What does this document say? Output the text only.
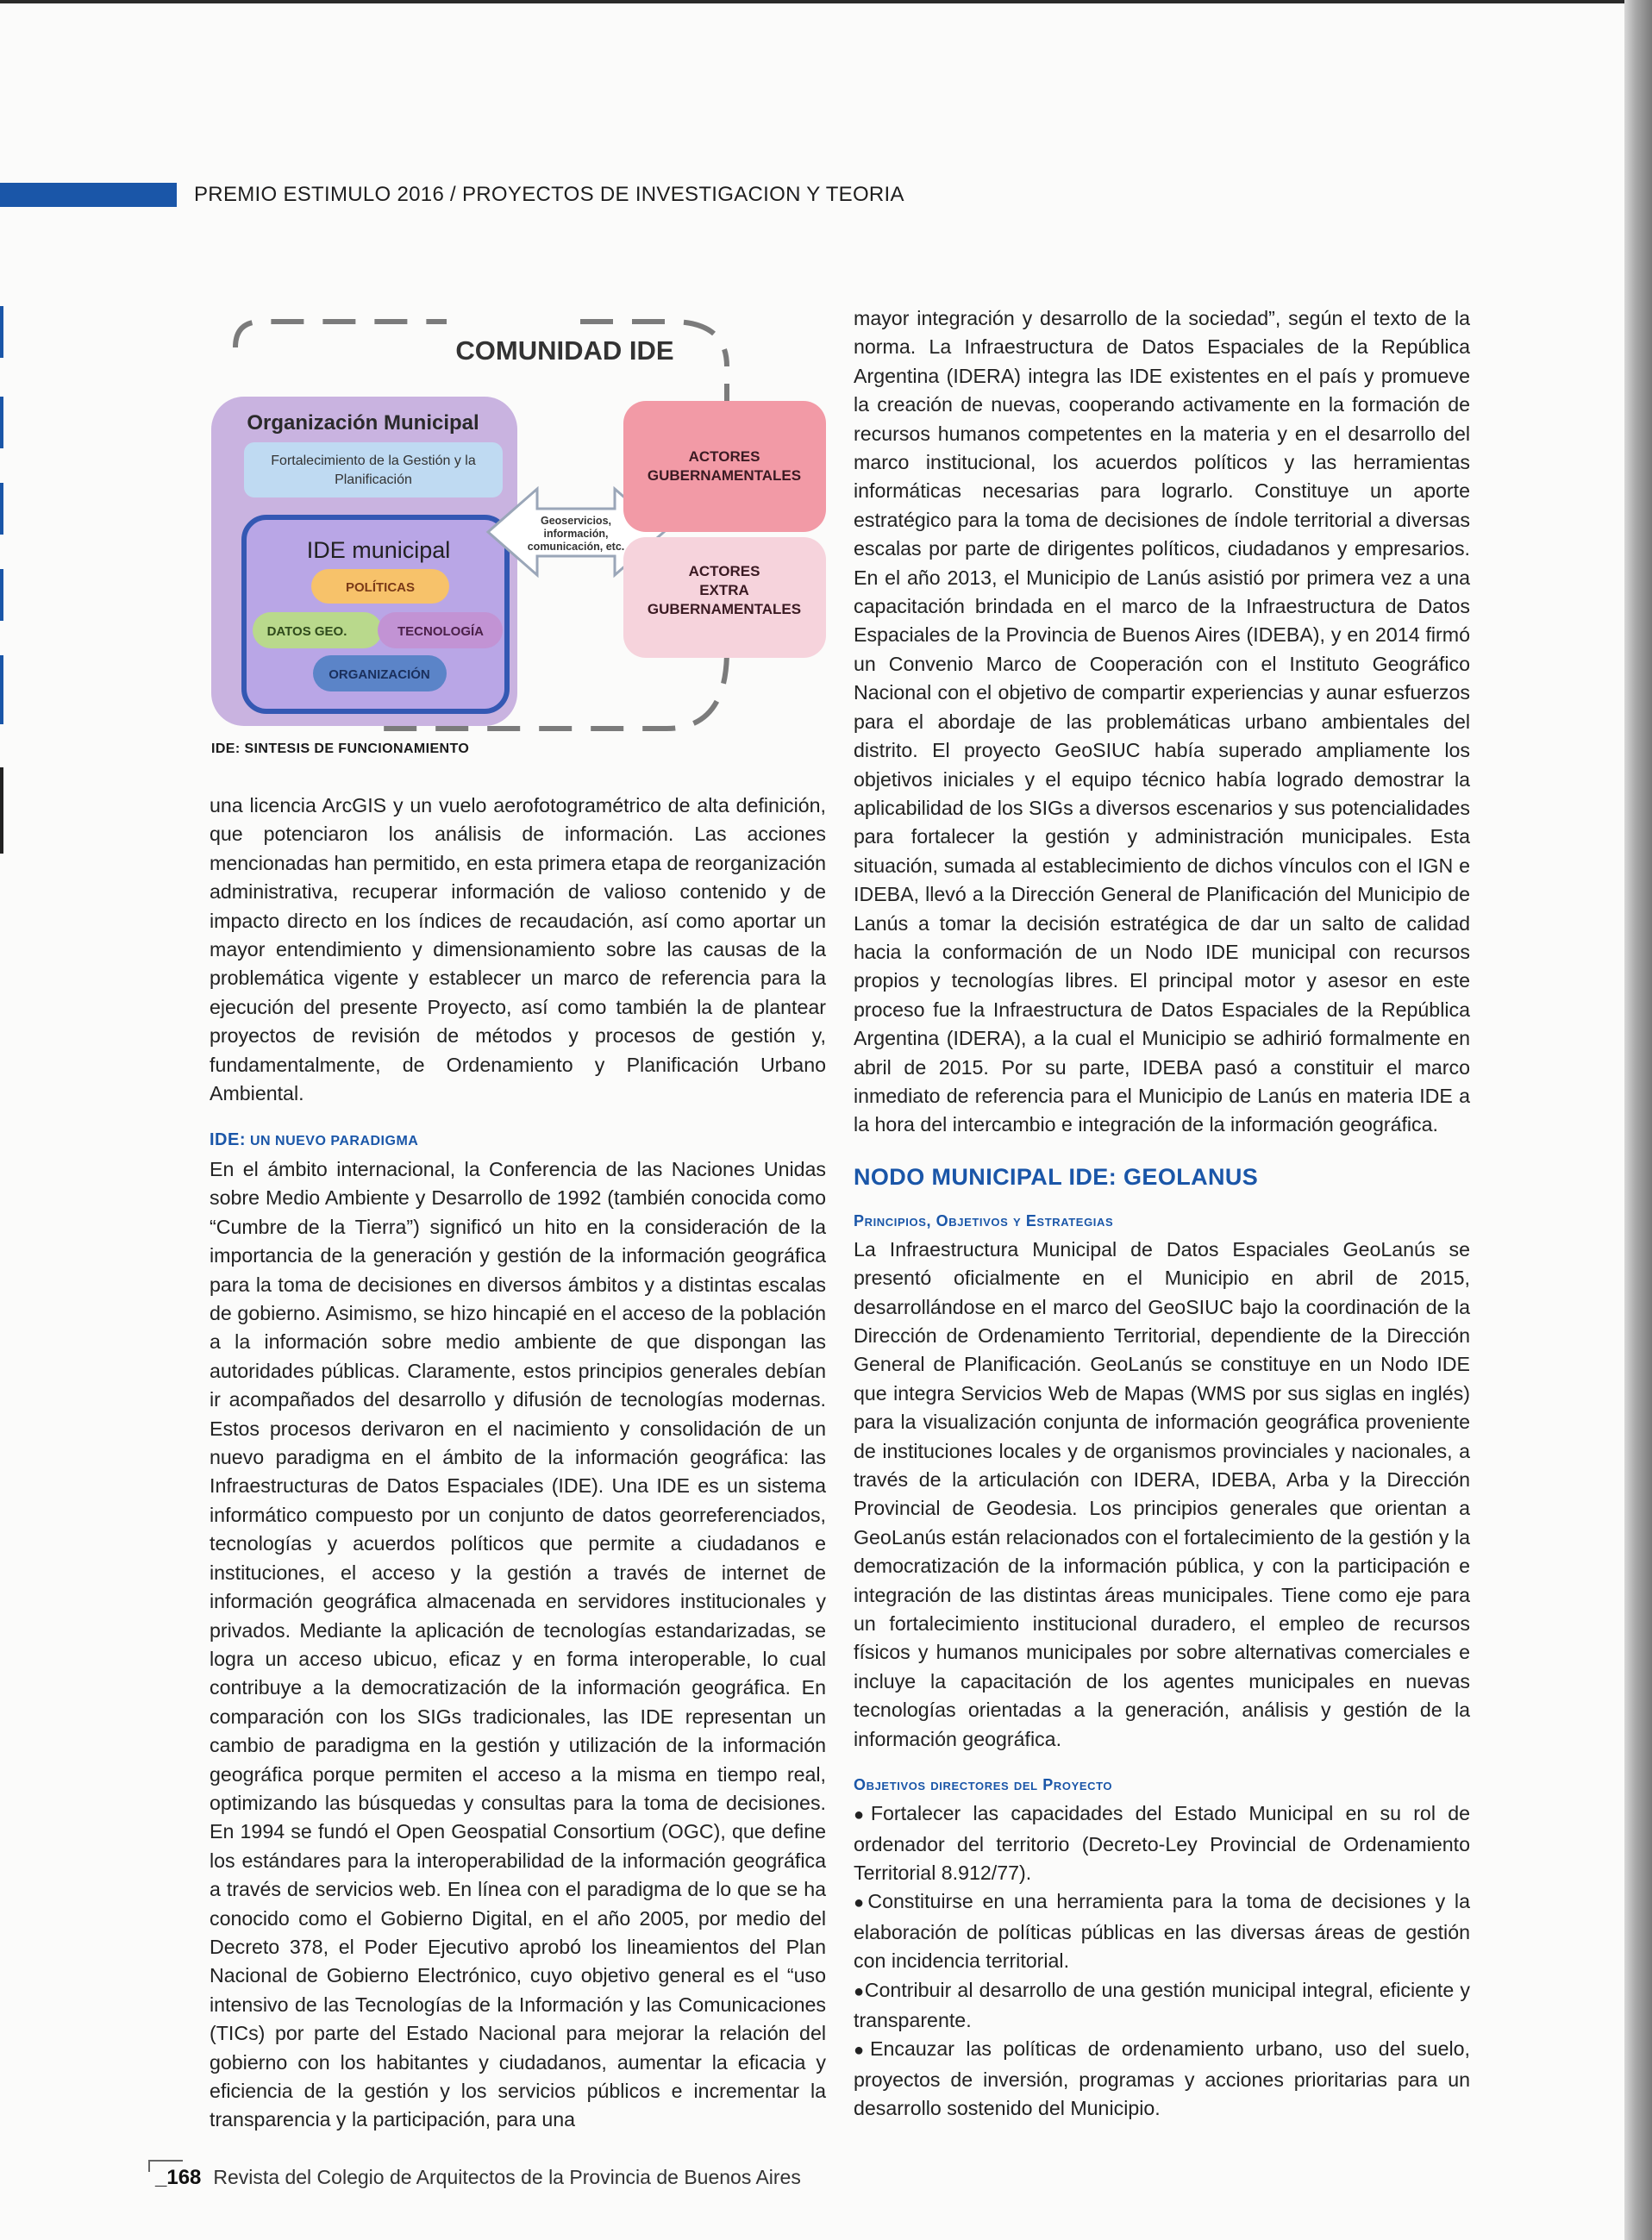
PREMIO ESTIMULO 2016 / PROYECTOS DE INVESTIGACION Y TEORIA
COMUNIDAD IDE
Organización Municipal
Fortalecimiento de la Gestión y la
Planificación
IDE municipal
POLÍTICAS
DATOS GEO.	TECNOLOGÍA
ORGANIZACIÓN
Geoservicios,
información,
comunicación, etc.
ACTORES
GUBERNAMENTALES
ACTORES
EXTRA
GUBERNAMENTALES
IDE: SINTESIS DE FUNCIONAMIENTO

una licencia ArcGIS y un vuelo aerofotogramétrico de alta definición, que potenciaron los análisis de información. Las acciones mencionadas han permitido, en esta primera etapa de reorganización administrativa, recuperar información de valioso contenido y de impacto directo en los índices de recaudación, así como aportar un mayor entendimiento y dimensionamiento sobre las causas de la problemática vigente y establecer un marco de referencia para la ejecución del presente Proyecto, así como también la de plantear proyectos de revisión de métodos y procesos de gestión y, fundamentalmente, de Ordenamiento y Planificación Urbano Ambiental.

IDE: UN NUEVO PARADIGMA

En el ámbito internacional, la Conferencia de las Naciones Unidas sobre Medio Ambiente y Desarrollo de 1992 (también conocida como “Cumbre de la Tierra”) significó un hito en la consideración de la importancia de la generación y gestión de la información geográfica para la toma de decisiones en diversos ámbitos y a distintas escalas de gobierno. Asimismo, se hizo hincapié en el acceso de la población a la información sobre medio ambiente de que dispongan las autoridades públicas. Claramente, estos principios generales debían ir acompañados del desarrollo y difusión de tecnologías modernas. Estos procesos derivaron en el nacimiento y consolidación de un nuevo paradigma en el ámbito de la información geográfica: las Infraestructuras de Datos Espaciales (IDE). Una IDE es un sistema informático compuesto por un conjunto de datos georreferenciados, tecnologías y acuerdos políticos que permite a ciudadanos e instituciones, el acceso y la gestión a través de internet de información geográfica almacenada en servidores institucionales y privados. Mediante la aplicación de tecnologías estandarizadas, se logra un acceso ubicuo, eficaz y en forma interoperable, lo cual contribuye a la democratización de la información geográfica. En comparación con los SIGs tradicionales, las IDE representan un cambio de paradigma en la gestión y utilización de la información geográfica porque permiten el acceso a la misma en tiempo real, optimizando las búsquedas y consultas para la toma de decisiones. En 1994 se fundó el Open Geospatial Consortium (OGC), que define los estándares para la interoperabilidad de la información geográfica a través de servicios web. En línea con el paradigma de lo que se ha conocido como el Gobierno Digital, en el año 2005, por medio del Decreto 378, el Poder Ejecutivo aprobó los lineamientos del Plan Nacional de Gobierno Electrónico, cuyo objetivo general es el “uso intensivo de las Tecnologías de la Información y las Comunicaciones (TICs) por parte del Estado Nacional para mejorar la relación del gobierno con los habitantes y ciudadanos, aumentar la eficacia y eficiencia de la gestión y los servicios públicos e incrementar la transparencia y la participación, para una

mayor integración y desarrollo de la sociedad”, según el texto de la norma. La Infraestructura de Datos Espaciales de la República Argentina (IDERA) integra las IDE existentes en el país y promueve la creación de nuevas, cooperando activamente en la formación de recursos humanos competentes en la materia y en el desarrollo del marco institucional, los acuerdos políticos y las herramientas informáticas necesarias para lograrlo. Constituye un aporte estratégico para la toma de decisiones de índole territorial a diversas escalas por parte de dirigentes políticos, ciudadanos y empresarios. En el año 2013, el Municipio de Lanús asistió por primera vez a una capacitación brindada en el marco de la Infraestructura de Datos Espaciales de la Provincia de Buenos Aires (IDEBA), y en 2014 firmó un Convenio Marco de Cooperación con el Instituto Geográfico Nacional con el objetivo de compartir experiencias y aunar esfuerzos para el abordaje de las problemáticas urbano ambientales del distrito. El proyecto GeoSIUC había superado ampliamente los objetivos iniciales y el equipo técnico había logrado demostrar la aplicabilidad de los SIGs a diversos escenarios y sus potencialidades para fortalecer la gestión y administración municipales. Esta situación, sumada al establecimiento de dichos vínculos con el IGN e IDEBA, llevó a la Dirección General de Planificación del Municipio de Lanús a tomar la decisión estratégica de dar un salto de calidad hacia la conformación de un Nodo IDE municipal con recursos propios y tecnologías libres. El principal motor y asesor en este proceso fue la Infraestructura de Datos Espaciales de la República Argentina (IDERA), a la cual el Municipio se adhirió formalmente en abril de 2015. Por su parte, IDEBA pasó a constituir el marco inmediato de referencia para el Municipio de Lanús en materia IDE a la hora del intercambio e integración de la información geográfica.

NODO MUNICIPAL IDE: GEOLANUS
Principios, Objetivos y Estrategias

La Infraestructura Municipal de Datos Espaciales GeoLanús se presentó oficialmente en el Municipio en abril de 2015, desarrollándose en el marco del GeoSIUC bajo la coordinación de la Dirección de Ordenamiento Territorial, dependiente de la Dirección General de Planificación. GeoLanús se constituye en un Nodo IDE que integra Servicios Web de Mapas (WMS por sus siglas en inglés) para la visualización conjunta de información geográfica proveniente de instituciones locales y de organismos provinciales y nacionales, a través de la articulación con IDERA, IDEBA, Arba y la Dirección Provincial de Geodesia. Los principios generales que orientan a GeoLanús están relacionados con el fortalecimiento de la gestión y la democratización de la información pública, y con la participación e integración de las distintas áreas municipales. Tiene como eje para un fortalecimiento institucional duradero, el empleo de recursos físicos y humanos municipales por sobre alternativas comerciales e incluye la capacitación de los agentes municipales en nuevas tecnologías orientadas a la generación, análisis y gestión de la información geográfica.

Objetivos directores del Proyecto

●Fortalecer las capacidades del Estado Municipal en su rol de ordenador del territorio (Decreto-Ley Provincial de Ordenamiento Territorial 8.912/77).

●Constituirse en una herramienta para la toma de decisiones y la elaboración de políticas públicas en las diversas áreas de gestión con incidencia territorial.

●Contribuir al desarrollo de una gestión municipal integral, eficiente y transparente.

●Encauzar las políticas de ordenamiento urbano, uso del suelo, proyectos de inversión, programas y acciones prioritarias para un desarrollo sostenido del Municipio.

_168 Revista del Colegio de Arquitectos de la Provincia de Buenos Aires
